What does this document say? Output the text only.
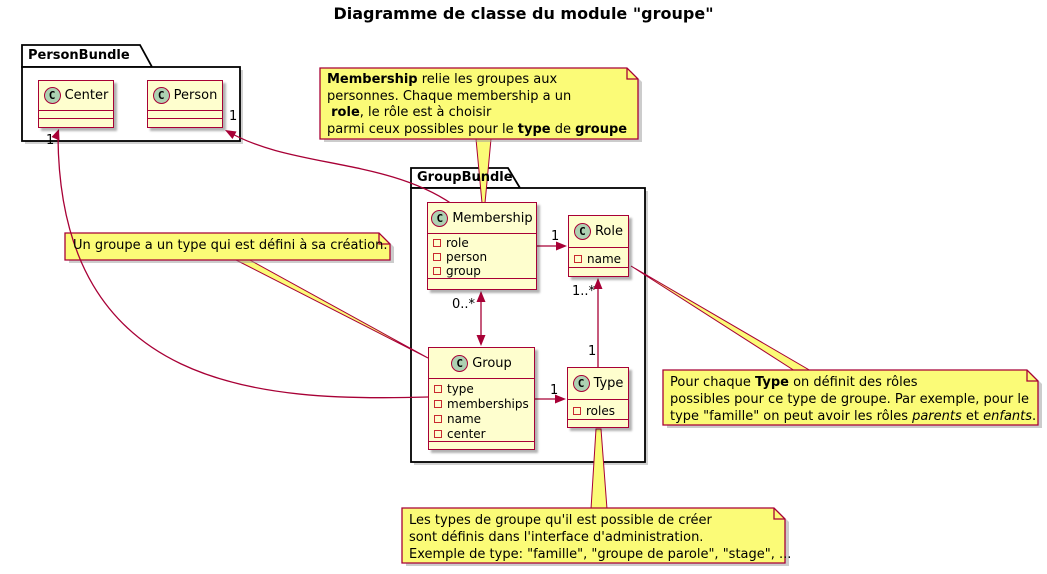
Diagramme de classe du module "groupe"
PersonBundle
GroupBundle
C Center	C Person
C Membership
role
person
group
C Role
name
C Group
type
memberships
name
center
C Type
roles
Membership relie les groupes aux
personnes. Chaque membership a un
role, le rôle est à choisir
parmi ceux possibles pour le type de groupe
Un groupe a un type qui est défini à sa création.
Pour chaque Type on définit des rôles
possibles pour ce type de groupe. Par exemple, pour le
type "famille" on peut avoir les rôles parents et enfants.
Les types de groupe qu'il est possible de créer
sont définis dans l'interface d'administration.
Exemple de type: "famille", "groupe de parole", "stage", ...
1
1
1
1..*
0..*
1
1
